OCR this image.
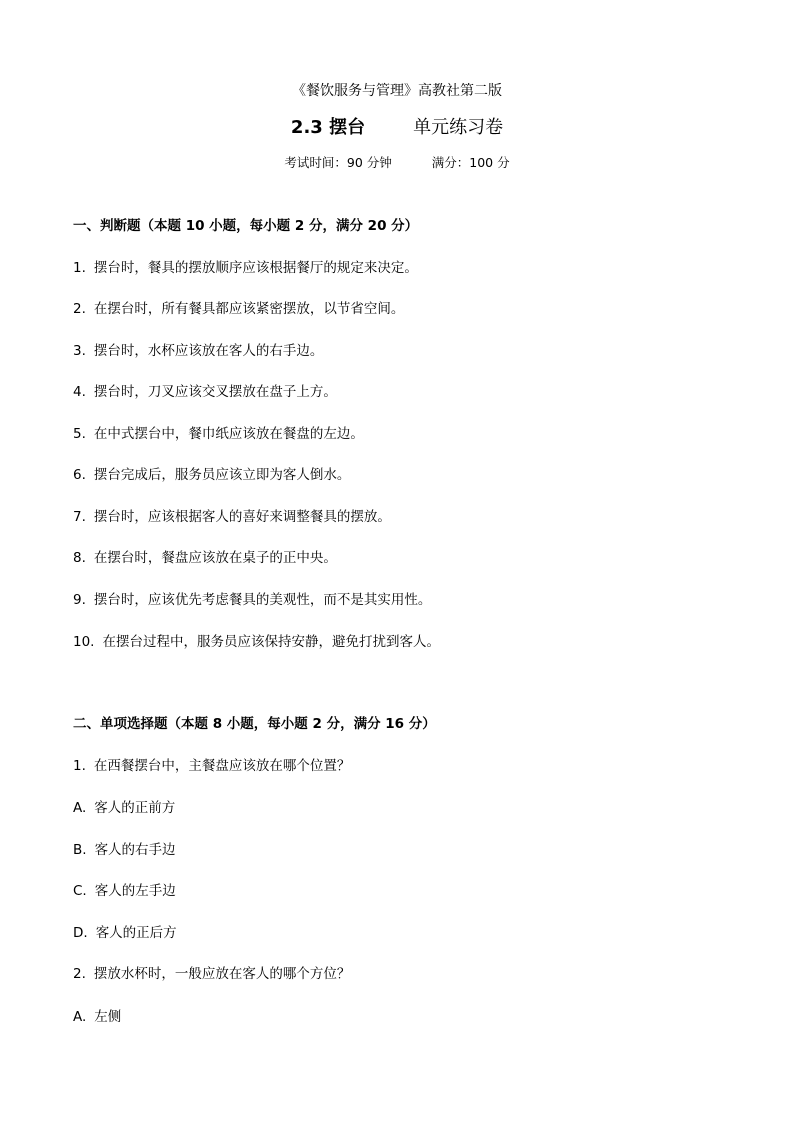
《餐饮服务与管理》高教社第二版
2.3 摆台	单元练习卷
考试时间：90 分钟	满分：100 分
一、判断题（本题 10 小题，每小题 2 分，满分 20 分）
1. 摆台时，餐具的摆放顺序应该根据餐厅的规定来决定。
2. 在摆台时，所有餐具都应该紧密摆放，以节省空间。
3. 摆台时，水杯应该放在客人的右手边。
4. 摆台时，刀叉应该交叉摆放在盘子上方。
5. 在中式摆台中，餐巾纸应该放在餐盘的左边。
6. 摆台完成后，服务员应该立即为客人倒水。
7. 摆台时，应该根据客人的喜好来调整餐具的摆放。
8. 在摆台时，餐盘应该放在桌子的正中央。
9. 摆台时，应该优先考虑餐具的美观性，而不是其实用性。
10. 在摆台过程中，服务员应该保持安静，避免打扰到客人。
二、单项选择题（本题 8 小题，每小题 2 分，满分 16 分）
1. 在西餐摆台中，主餐盘应该放在哪个位置？
A. 客人的正前方
B. 客人的右手边
C. 客人的左手边
D. 客人的正后方
2. 摆放水杯时，一般应放在客人的哪个方位？
A. 左侧
